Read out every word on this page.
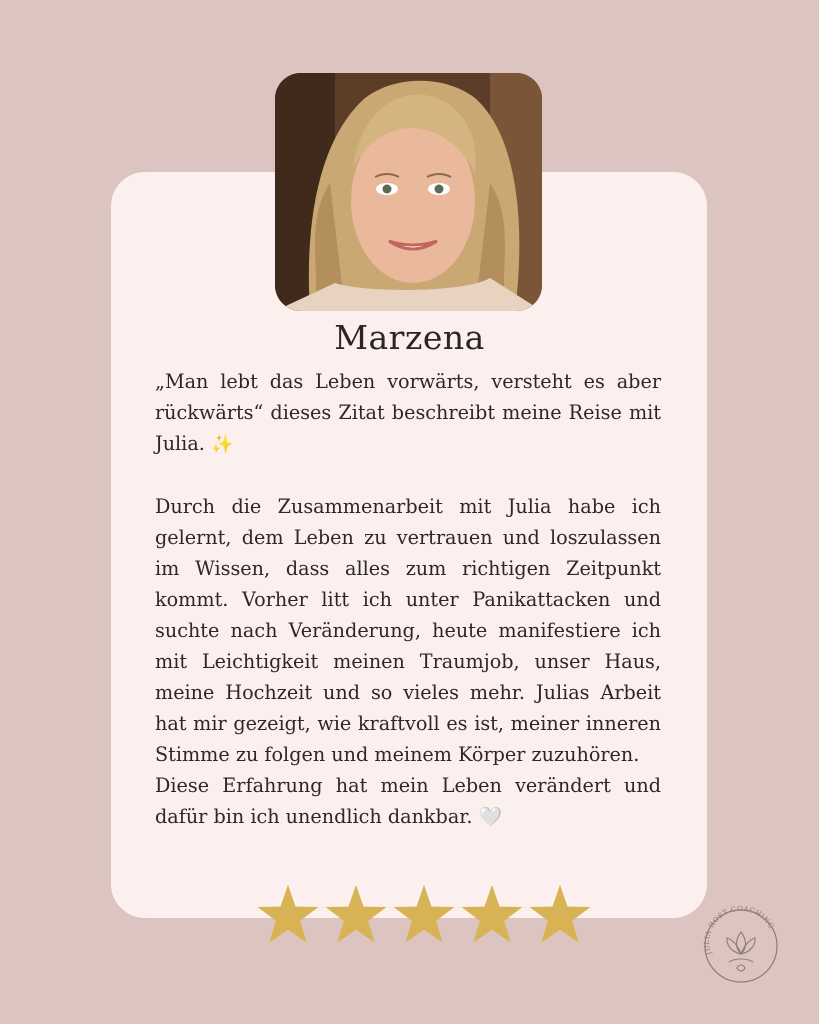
Marzena

„Man lebt das Leben vorwärts, versteht es aber rückwärts“ dieses Zitat beschreibt meine Reise mit Julia. ✨

Durch die Zusammenarbeit mit Julia habe ich gelernt, dem Leben zu vertrauen und loszulassen im Wissen, dass alles zum richtigen Zeitpunkt kommt. Vorher litt ich unter Panikattacken und suchte nach Veränderung, heute manifestiere ich mit Leichtigkeit meinen Traumjob, unser Haus, meine Hochzeit und so vieles mehr. Julias Arbeit hat mir gezeigt, wie kraftvoll es ist, meiner inneren Stimme zu folgen und meinem Körper zuzuhören.

Diese Erfahrung hat mein Leben verändert und dafür bin ich unendlich dankbar. 🤍

JULIA ROST COACHING
